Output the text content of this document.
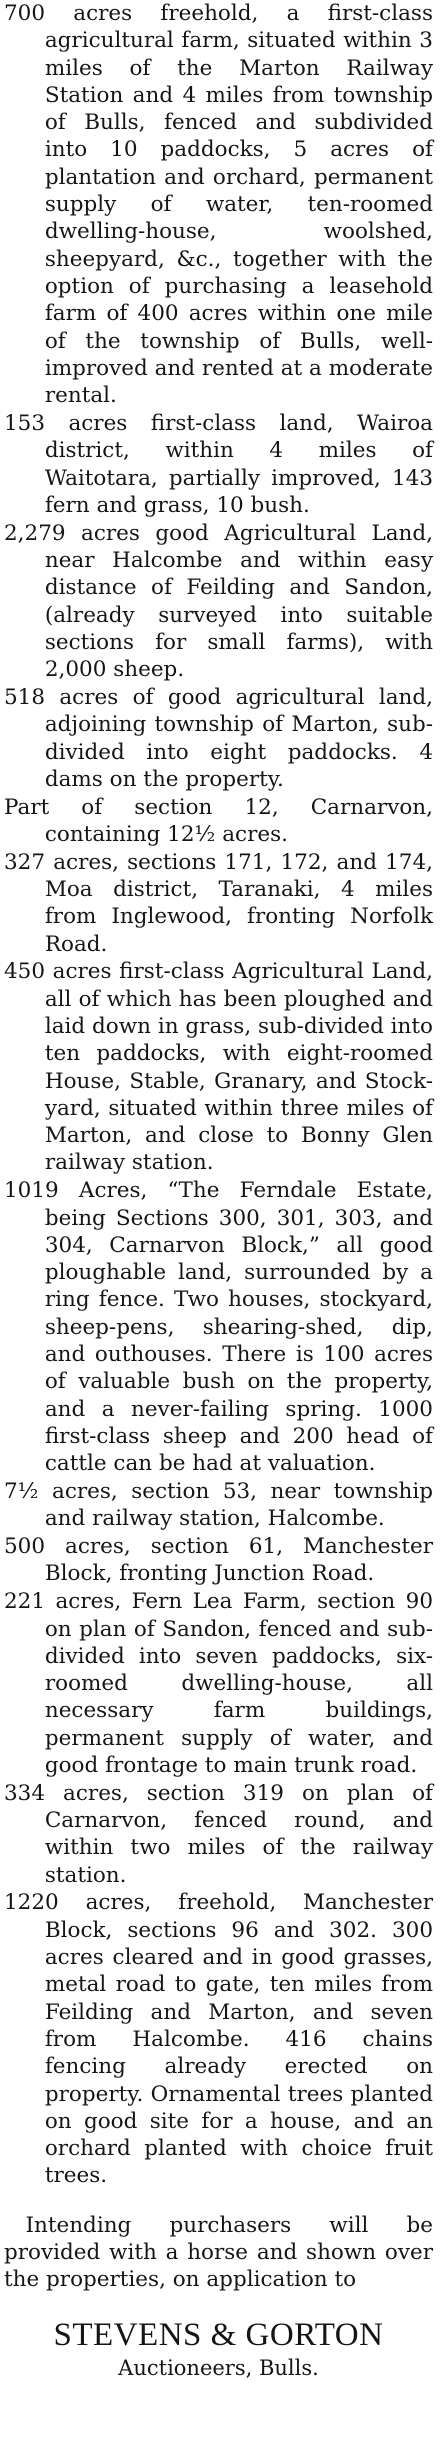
700 acres freehold, a first-class agricultural farm, situated within 3 miles of the Marton Railway Station and 4 miles from township of Bulls, fenced and subdivided into 10 paddocks, 5 acres of plantation and orchard, permanent supply of water, ten-roomed dwelling-house, woolshed, sheepyard, &c., together with the option of purchasing a leasehold farm of 400 acres within one mile of the township of Bulls, well-improved and rented at a moderate rental.

153 acres first-class land, Wairoa district, within 4 miles of Waitotara, partially improved, 143 fern and grass, 10 bush.

2,279 acres good Agricultural Land, near Halcombe and within easy distance of Feilding and Sandon, (already surveyed into suitable sections for small farms), with 2,000 sheep.

518 acres of good agricultural land, adjoining township of Marton, sub-divided into eight paddocks. 4 dams on the property.

Part of section 12, Carnarvon, containing 12½ acres.

327 acres, sections 171, 172, and 174, Moa district, Taranaki, 4 miles from Inglewood, fronting Norfolk Road.

450 acres first-class Agricultural Land, all of which has been ploughed and laid down in grass, sub-divided into ten paddocks, with eight-roomed House, Stable, Granary, and Stock-yard, situated within three miles of Marton, and close to Bonny Glen railway station.

1019 Acres, “The Ferndale Estate, being Sections 300, 301, 303, and 304, Carnarvon Block,” all good ploughable land, surrounded by a ring fence. Two houses, stockyard, sheep-pens, shearing-shed, dip, and outhouses. There is 100 acres of valuable bush on the property, and a never-failing spring. 1000 first-class sheep and 200 head of cattle can be had at valuation.

7½ acres, section 53, near township and railway station, Halcombe.

500 acres, section 61, Manchester Block, fronting Junction Road.

221 acres, Fern Lea Farm, section 90 on plan of Sandon, fenced and sub-divided into seven paddocks, six-roomed dwelling-house, all necessary farm buildings, permanent supply of water, and good frontage to main trunk road.

334 acres, section 319 on plan of Carnarvon, fenced round, and within two miles of the railway station.

1220 acres, freehold, Manchester Block, sections 96 and 302. 300 acres cleared and in good grasses, metal road to gate, ten miles from Feilding and Marton, and seven from Halcombe. 416 chains fencing already erected on property. Ornamental trees planted on good site for a house, and an orchard planted with choice fruit trees.

Intending purchasers will be provided with a horse and shown over the properties, on application to

STEVENS & GORTON
Auctioneers, Bulls.
